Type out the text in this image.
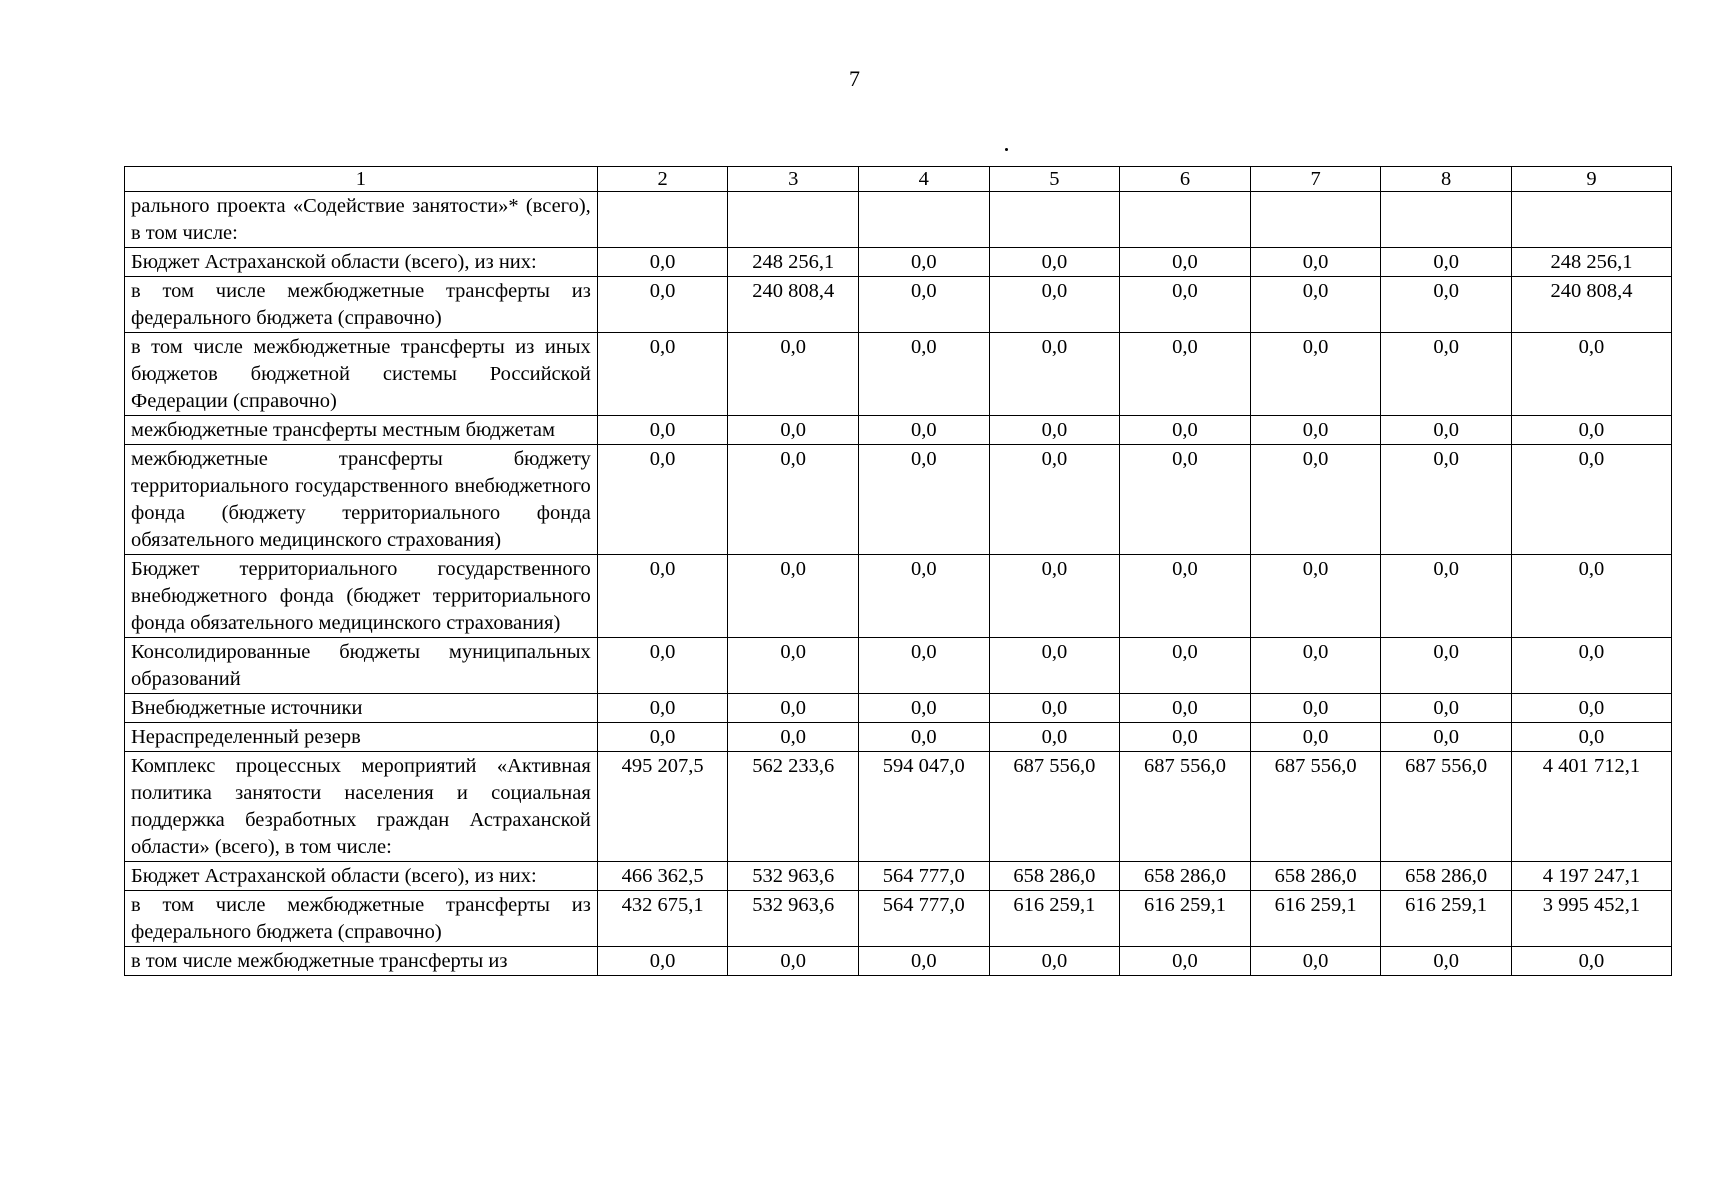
7
1	2	3	4	5	6	7	8	9
рального проекта «Содействие занятости»* (всего), в том числе:								
Бюджет Астраханской области (всего), из них:	0,0	248 256,1	0,0	0,0	0,0	0,0	0,0	248 256,1
в том числе межбюджетные трансферты из федерального бюджета (справочно)	0,0	240 808,4	0,0	0,0	0,0	0,0	0,0	240 808,4
в том числе межбюджетные трансферты из иных бюджетов бюджетной системы Российской Федерации (справочно)	0,0	0,0	0,0	0,0	0,0	0,0	0,0	0,0
межбюджетные трансферты местным бюджетам	0,0	0,0	0,0	0,0	0,0	0,0	0,0	0,0
межбюджетные трансферты бюджету территориального государственного внебюджетного фонда (бюджету территориального фонда обязательного медицинского страхования)	0,0	0,0	0,0	0,0	0,0	0,0	0,0	0,0
Бюджет территориального государственного внебюджетного фонда (бюджет территориального фонда обязательного медицинского страхования)	0,0	0,0	0,0	0,0	0,0	0,0	0,0	0,0
Консолидированные бюджеты муниципальных образований	0,0	0,0	0,0	0,0	0,0	0,0	0,0	0,0
Внебюджетные источники	0,0	0,0	0,0	0,0	0,0	0,0	0,0	0,0
Нераспределенный резерв	0,0	0,0	0,0	0,0	0,0	0,0	0,0	0,0
Комплекс процессных мероприятий «Активная политика занятости населения и социальная поддержка безработных граждан Астраханской области» (всего), в том числе:	495 207,5	562 233,6	594 047,0	687 556,0	687 556,0	687 556,0	687 556,0	4 401 712,1
Бюджет Астраханской области (всего), из них:	466 362,5	532 963,6	564 777,0	658 286,0	658 286,0	658 286,0	658 286,0	4 197 247,1
в том числе межбюджетные трансферты из федерального бюджета (справочно)	432 675,1	532 963,6	564 777,0	616 259,1	616 259,1	616 259,1	616 259,1	3 995 452,1
в том числе межбюджетные трансферты из	0,0	0,0	0,0	0,0	0,0	0,0	0,0	0,0
